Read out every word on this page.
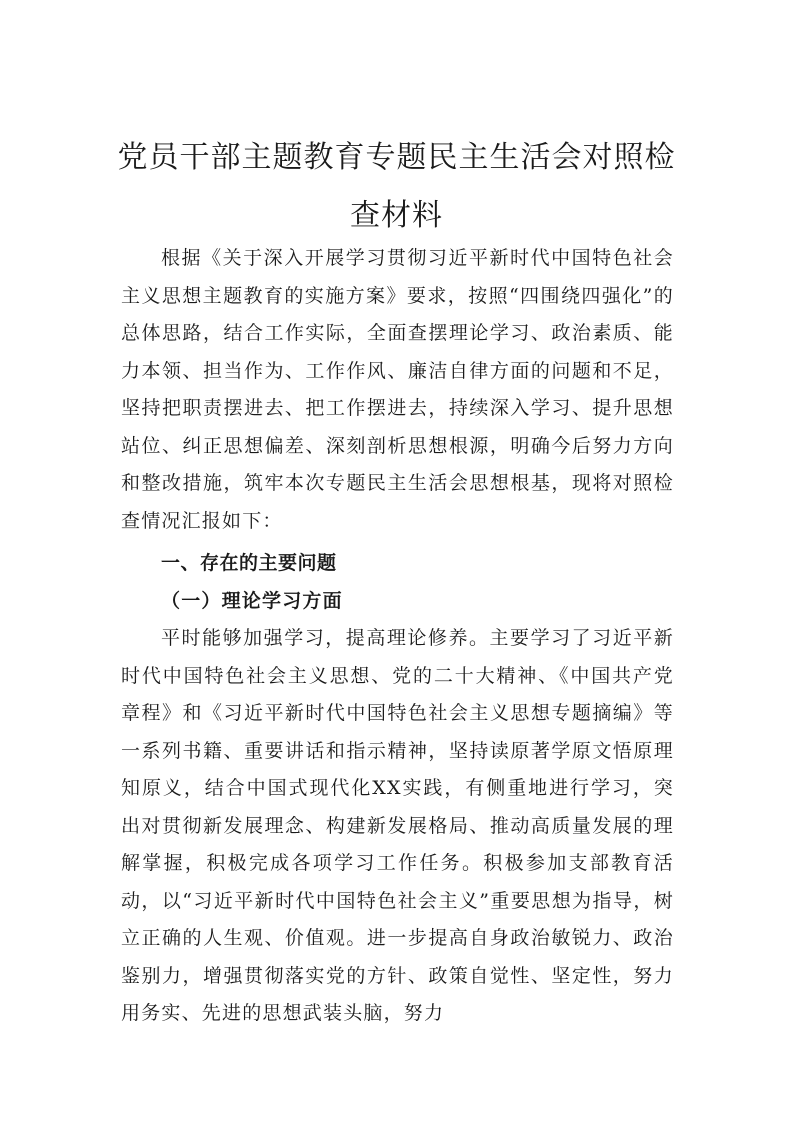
党员干部主题教育专题民主生活会对照检
查材料

根据《关于深入开展学习贯彻习近平新时代中国特色社会主义思想主题教育的实施方案》要求，按照“四围绕四强化”的总体思路，结合工作实际，全面查摆理论学习、政治素质、能力本领、担当作为、工作作风、廉洁自律方面的问题和不足，坚持把职责摆进去、把工作摆进去，持续深入学习、提升思想站位、纠正思想偏差、深刻剖析思想根源，明确今后努力方向和整改措施，筑牢本次专题民主生活会思想根基，现将对照检查情况汇报如下：

一、存在的主要问题
（一）理论学习方面

平时能够加强学习，提高理论修养。主要学习了习近平新时代中国特色社会主义思想、党的二十大精神、《中国共产党章程》和《习近平新时代中国特色社会主义思想专题摘编》等一系列书籍、重要讲话和指示精神，坚持读原著学原文悟原理知原义，结合中国式现代化XX实践，有侧重地进行学习，突出对贯彻新发展理念、构建新发展格局、推动高质量发展的理解掌握，积极完成各项学习工作任务。积极参加支部教育活动，以“习近平新时代中国特色社会主义”重要思想为指导，树立正确的人生观、价值观。进一步提高自身政治敏锐力、政治鉴别力，增强贯彻落实党的方针、政策自觉性、坚定性，努力用务实、先进的思想武装头脑，努力
